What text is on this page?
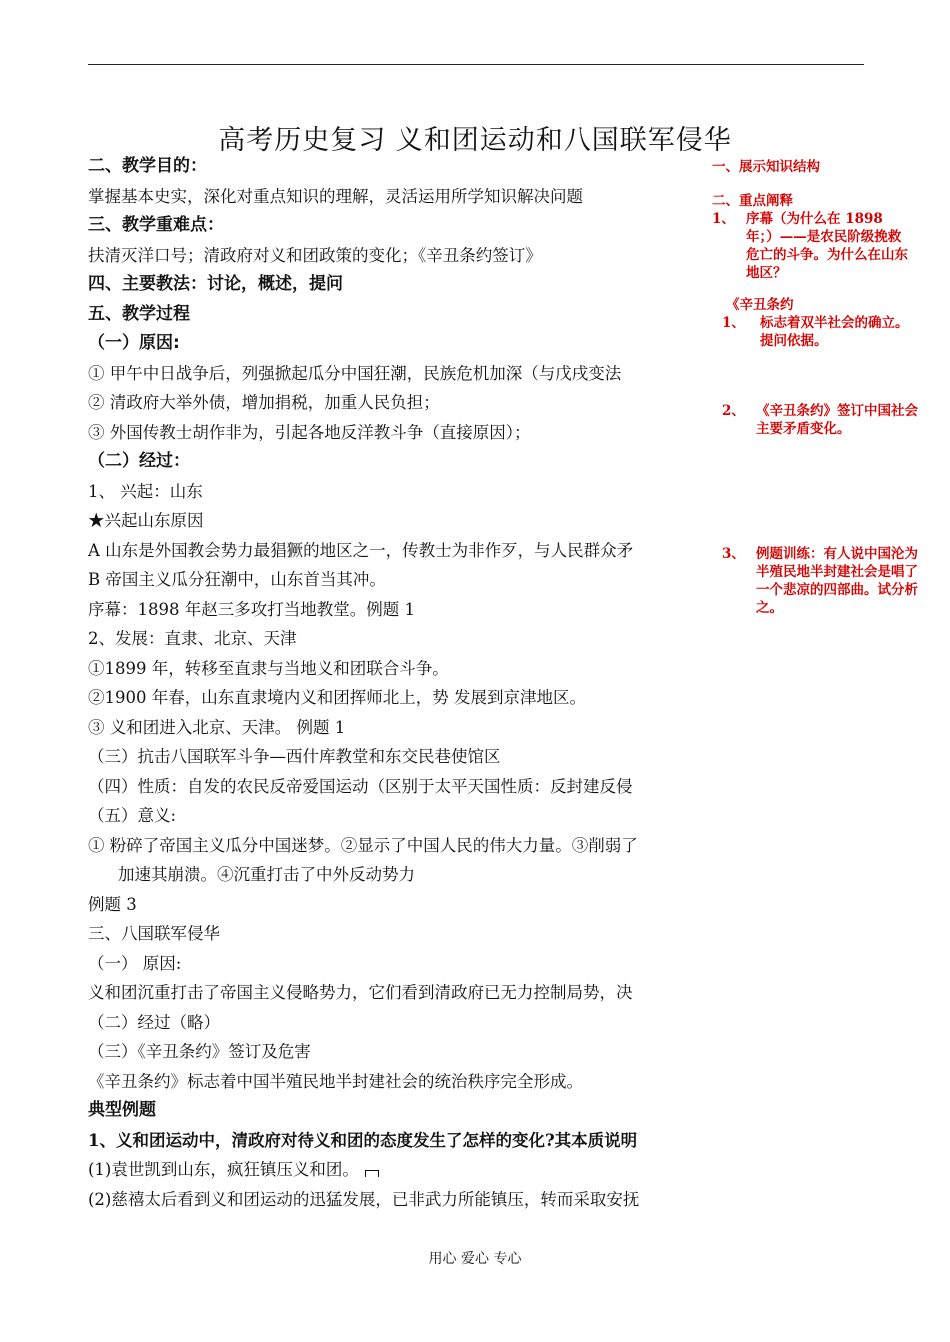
高考历史复习 义和团运动和八国联军侵华
二、教学目的：
掌握基本史实，深化对重点知识的理解，灵活运用所学知识解决问题
三、教学重难点：
扶清灭洋口号；清政府对义和团政策的变化；《辛丑条约签订》
四、主要教法：讨论，概述，提问
五、教学过程
（一）原因:
① 甲午中日战争后，列强掀起瓜分中国狂潮，民族危机加深（与戊戌变法
② 清政府大举外债，增加捐税，加重人民负担；
③ 外国传教士胡作非为，引起各地反洋教斗争（直接原因）；
（二）经过：
1、 兴起：山东
★兴起山东原因
A 山东是外国教会势力最猖獗的地区之一，传教士为非作歹，与人民群众矛
B 帝国主义瓜分狂潮中，山东首当其冲。
序幕：1898 年赵三多攻打当地教堂。例题 1
2、发展：直隶、北京、天津
①1899 年，转移至直隶与当地义和团联合斗争。
②1900 年春，山东直隶境内义和团挥师北上，势 发展到京津地区。
③ 义和团进入北京、天津。 例题 1
（三）抗击八国联军斗争—西什库教堂和东交民巷使馆区
（四）性质：自发的农民反帝爱国运动（区别于太平天国性质：反封建反侵
（五）意义:
① 粉碎了帝国主义瓜分中国迷梦。②显示了中国人民的伟大力量。③削弱了
加速其崩溃。④沉重打击了中外反动势力
例题 3
三、八国联军侵华
（一） 原因:
义和团沉重打击了帝国主义侵略势力，它们看到清政府已无力控制局势，决
（二）经过（略）
（三）《辛丑条约》签订及危害
《辛丑条约》标志着中国半殖民地半封建社会的统治秩序完全形成。
典型例题
1、义和团运动中，清政府对待义和团的态度发生了怎样的变化?其本质说明
(1)袁世凯到山东，疯狂镇压义和团。
(2)慈禧太后看到义和团运动的迅猛发展，已非武力所能镇压，转而采取安抚
一、展示知识结构
二、重点阐释
1、 序幕（为什么在 1898 年；）——是农民阶级挽救危亡的斗争。为什么在山东地区？
《辛丑条约
1、	标志着双半社会的确立。提问依据。
2、 《辛丑条约》签订中国社会主要矛盾变化。
3、 例题训练：有人说中国沦为半殖民地半封建社会是唱了一个悲凉的四部曲。试分析之。
用心 爱心 专心
